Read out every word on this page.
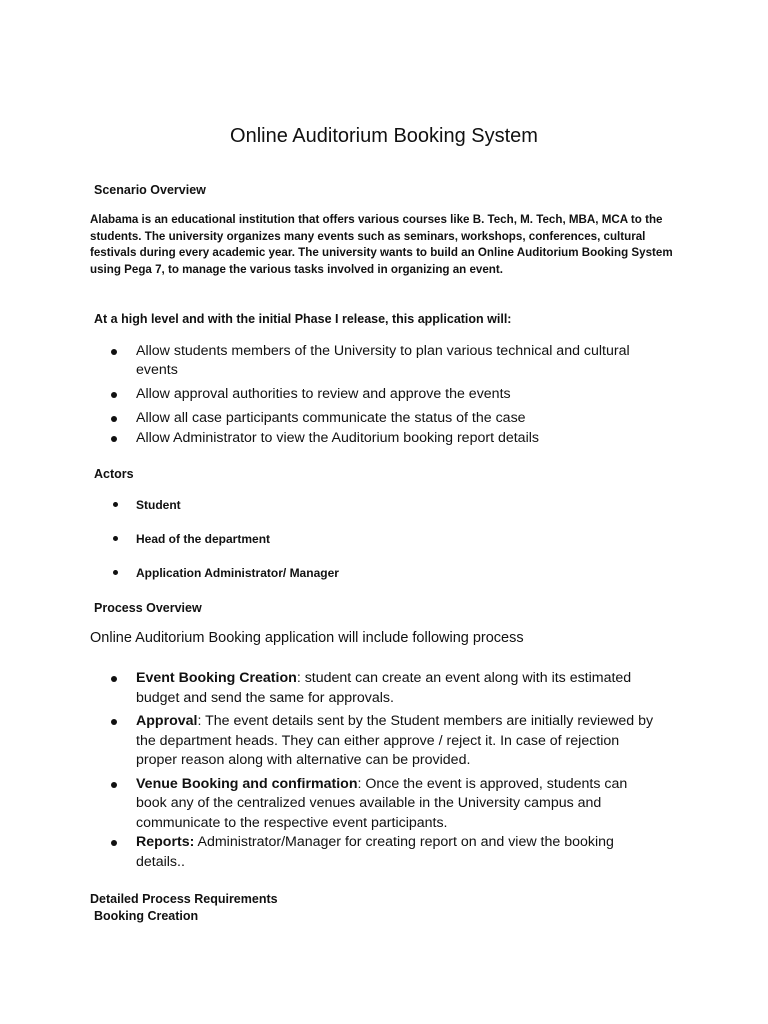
Online Auditorium Booking System
Scenario Overview
Alabama is an educational institution that offers various courses like B. Tech, M. Tech, MBA, MCA to the
students. The university organizes many events such as seminars, workshops, conferences, cultural
festivals during every academic year. The university wants to build an Online Auditorium Booking System
using Pega 7, to manage the various tasks involved in organizing an event.
At a high level and with the initial Phase I release, this application will:
Allow students members of the University to plan various technical and cultural events
Allow approval authorities to review and approve the events
Allow all case participants communicate the status of the case
Allow Administrator to view the Auditorium booking report details
Actors
Student
Head of the department
Application Administrator/ Manager
Process Overview
Online Auditorium Booking application will include following process
Event Booking Creation: student can create an event along with its estimated budget and send the same for approvals.
Approval: The event details sent by the Student members are initially reviewed by the department heads. They can either approve / reject it. In case of rejection proper reason along with alternative can be provided.
Venue Booking and confirmation: Once the event is approved, students can book any of the centralized venues available in the University campus and communicate to the respective event participants.
Reports: Administrator/Manager for creating report on and view the booking details..
Detailed Process Requirements
Booking Creation
